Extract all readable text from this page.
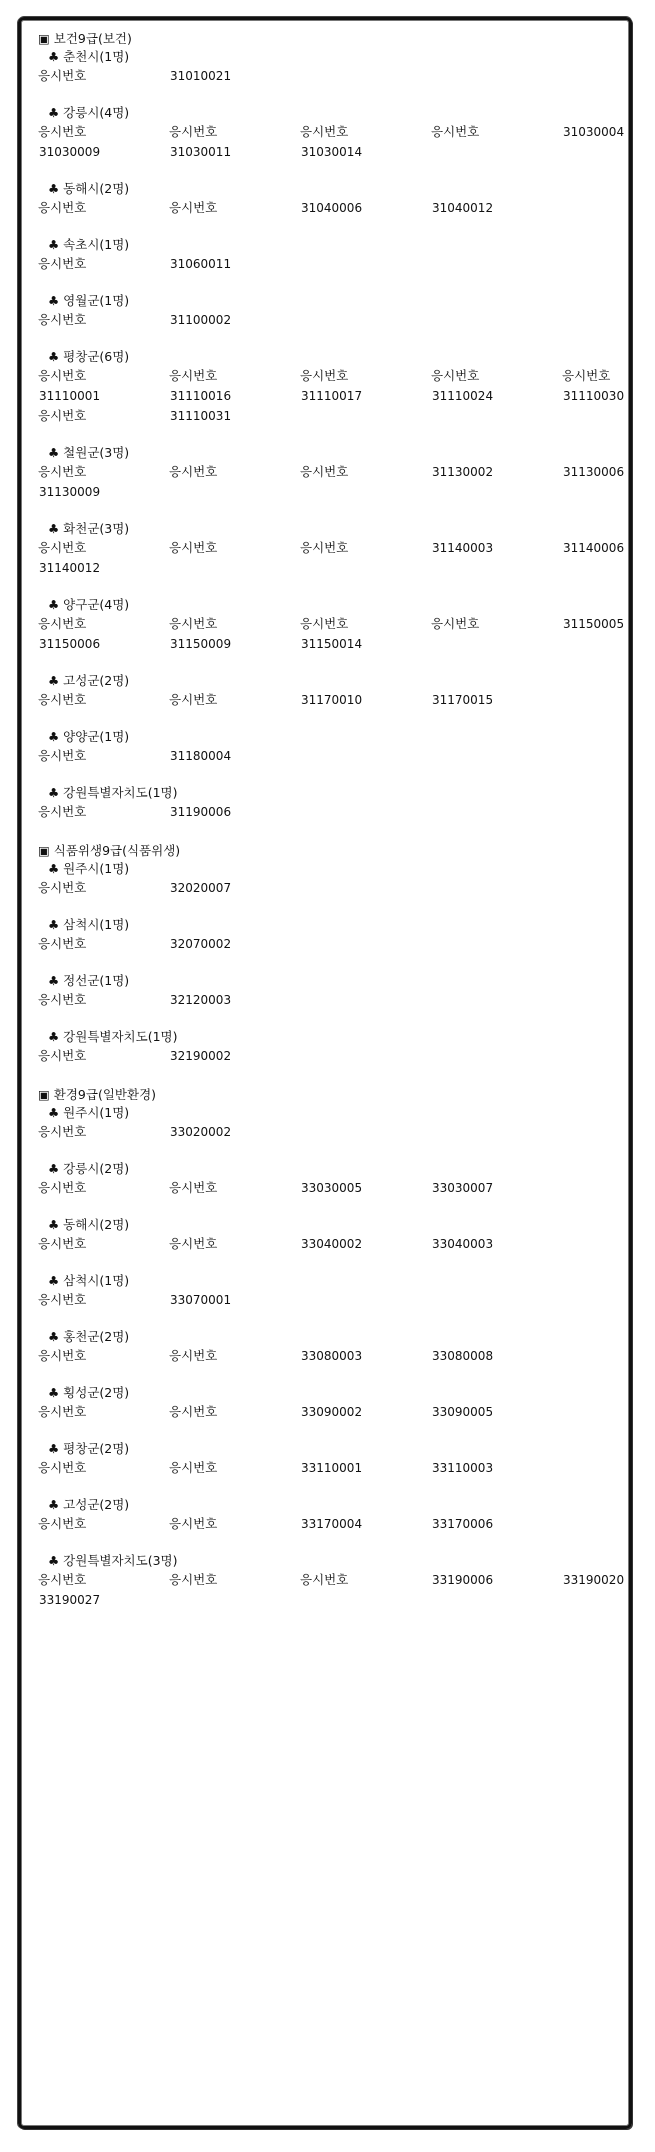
▣ 보건9급(보건)
♣ 춘천시(1명)
응시번호	31010021
♣ 강릉시(4명)
응시번호	응시번호	응시번호	응시번호	31030004
31030009	31030011	31030014
♣ 동해시(2명)
응시번호	응시번호	31040006	31040012
♣ 속초시(1명)
응시번호	31060011
♣ 영월군(1명)
응시번호	31100002
♣ 평창군(6명)
응시번호	응시번호	응시번호	응시번호	응시번호
31110001	31110016	31110017	31110024	31110030
응시번호	31110031
♣ 철원군(3명)
응시번호	응시번호	응시번호	31130002	31130006
31130009
♣ 화천군(3명)
응시번호	응시번호	응시번호	31140003	31140006
31140012
♣ 양구군(4명)
응시번호	응시번호	응시번호	응시번호	31150005
31150006	31150009	31150014
♣ 고성군(2명)
응시번호	응시번호	31170010	31170015
♣ 양양군(1명)
응시번호	31180004
♣ 강원특별자치도(1명)
응시번호	31190006
▣ 식품위생9급(식품위생)
♣ 원주시(1명)
응시번호	32020007
♣ 삼척시(1명)
응시번호	32070002
♣ 정선군(1명)
응시번호	32120003
♣ 강원특별자치도(1명)
응시번호	32190002
▣ 환경9급(일반환경)
♣ 원주시(1명)
응시번호	33020002
♣ 강릉시(2명)
응시번호	응시번호	33030005	33030007
♣ 동해시(2명)
응시번호	응시번호	33040002	33040003
♣ 삼척시(1명)
응시번호	33070001
♣ 홍천군(2명)
응시번호	응시번호	33080003	33080008
♣ 횡성군(2명)
응시번호	응시번호	33090002	33090005
♣ 평창군(2명)
응시번호	응시번호	33110001	33110003
♣ 고성군(2명)
응시번호	응시번호	33170004	33170006
♣ 강원특별자치도(3명)
응시번호	응시번호	응시번호	33190006	33190020
33190027
